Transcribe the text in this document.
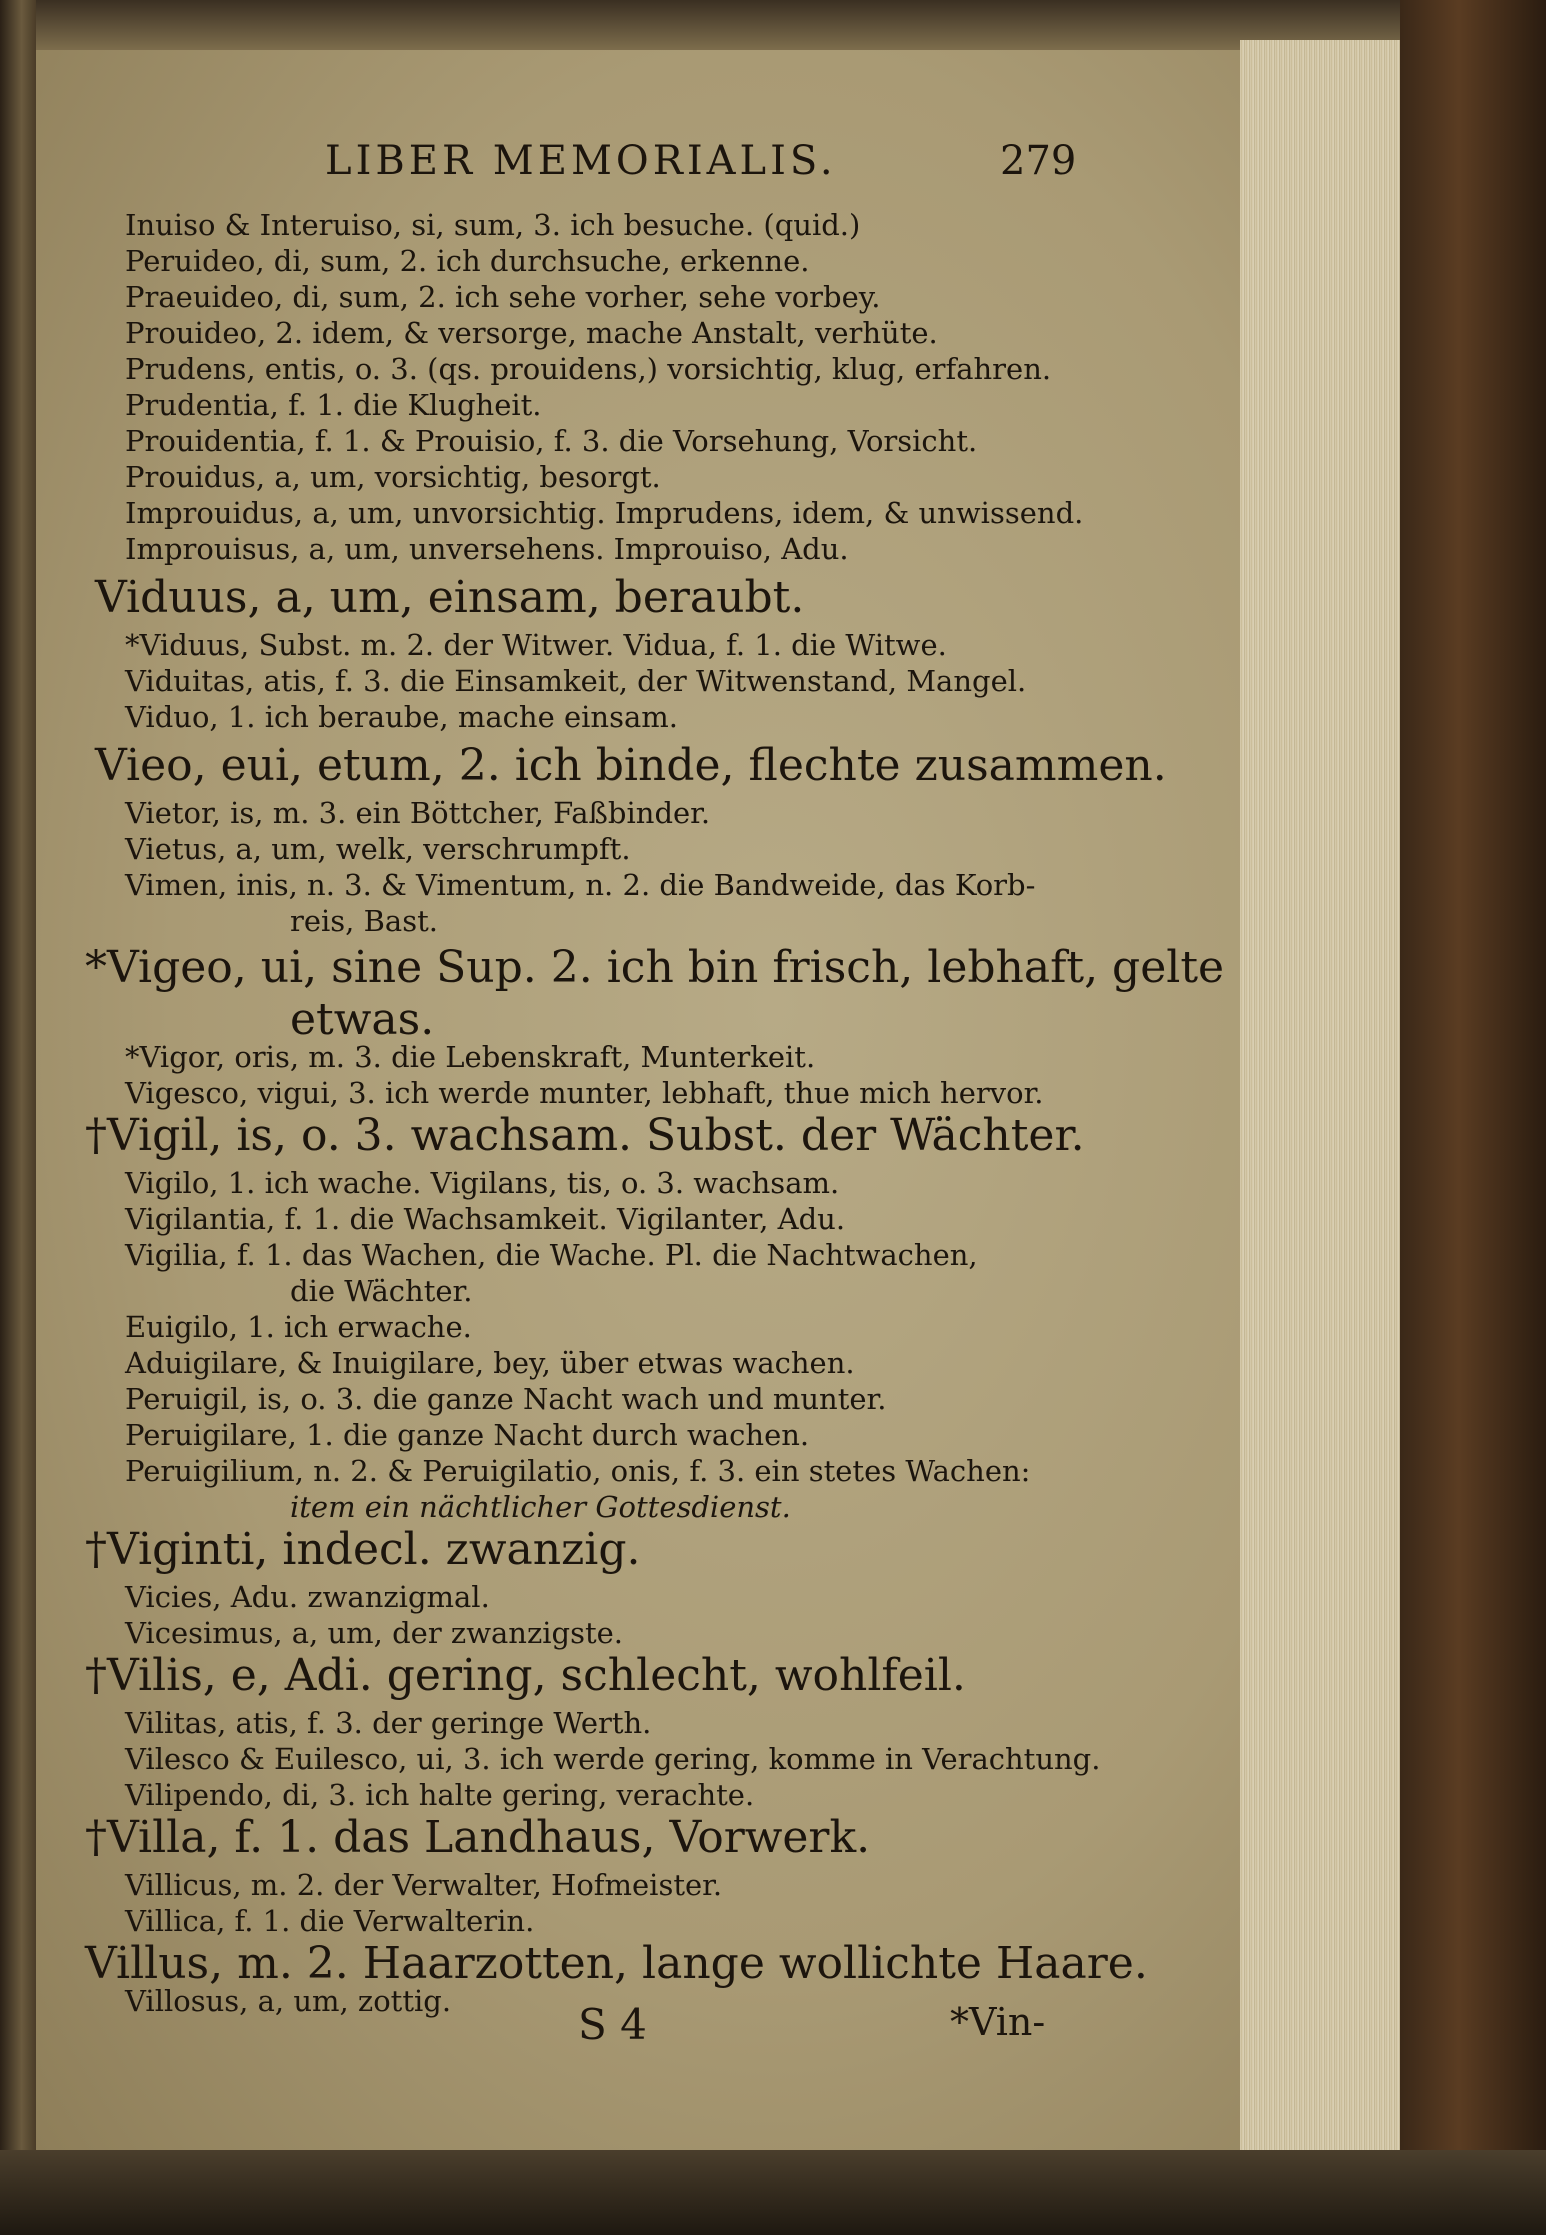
LIBER MEMORIALIS.	279
Inuiso & Interuiso, si, sum, 3. ich besuche. (quid.)
Peruideo, di, sum, 2. ich durchsuche, erkenne.
Praeuideo, di, sum, 2. ich sehe vorher, sehe vorbey.
Prouideo, 2. idem, & versorge, mache Anstalt, verhüte.
Prudens, entis, o. 3. (qs. prouidens,) vorsichtig, klug, erfahren.
Prudentia, f. 1. die Klugheit.
Prouidentia, f. 1. & Prouisio, f. 3. die Vorsehung, Vorsicht.
Prouidus, a, um, vorsichtig, besorgt.
Improuidus, a, um, unvorsichtig. Imprudens, idem, & unwissend.
Improuisus, a, um, unversehens. Improuiso, Adu.
Viduus, a, um, einsam, beraubt.
*Viduus, Subst. m. 2. der Witwer. Vidua, f. 1. die Witwe.
Viduitas, atis, f. 3. die Einsamkeit, der Witwenstand, Mangel.
Viduo, 1. ich beraube, mache einsam.
Vieo, eui, etum, 2. ich binde, flechte zusammen.
Vietor, is, m. 3. ein Böttcher, Faßbinder.
Vietus, a, um, welk, verschrumpft.
Vimen, inis, n. 3. & Vimentum, n. 2. die Bandweide, das Korb-
reis, Bast.
*Vigeo, ui, sine Sup. 2. ich bin frisch, lebhaft, gelte
etwas.
*Vigor, oris, m. 3. die Lebenskraft, Munterkeit.
Vigesco, vigui, 3. ich werde munter, lebhaft, thue mich hervor.
†Vigil, is, o. 3. wachsam. Subst. der Wächter.
Vigilo, 1. ich wache. Vigilans, tis, o. 3. wachsam.
Vigilantia, f. 1. die Wachsamkeit. Vigilanter, Adu.
Vigilia, f. 1. das Wachen, die Wache. Pl. die Nachtwachen,
die Wächter.
Euigilo, 1. ich erwache.
Aduigilare, & Inuigilare, bey, über etwas wachen.
Peruigil, is, o. 3. die ganze Nacht wach und munter.
Peruigilare, 1. die ganze Nacht durch wachen.
Peruigilium, n. 2. & Peruigilatio, onis, f. 3. ein stetes Wachen:
item ein nächtlicher Gottesdienst.
†Viginti, indecl. zwanzig.
Vicies, Adu. zwanzigmal.
Vicesimus, a, um, der zwanzigste.
†Vilis, e, Adi. gering, schlecht, wohlfeil.
Vilitas, atis, f. 3. der geringe Werth.
Vilesco & Euilesco, ui, 3. ich werde gering, komme in Verachtung.
Vilipendo, di, 3. ich halte gering, verachte.
†Villa, f. 1. das Landhaus, Vorwerk.
Villicus, m. 2. der Verwalter, Hofmeister.
Villica, f. 1. die Verwalterin.
Villus, m. 2. Haarzotten, lange wollichte Haare.
Villosus, a, um, zottig.	S 4	*Vin-
